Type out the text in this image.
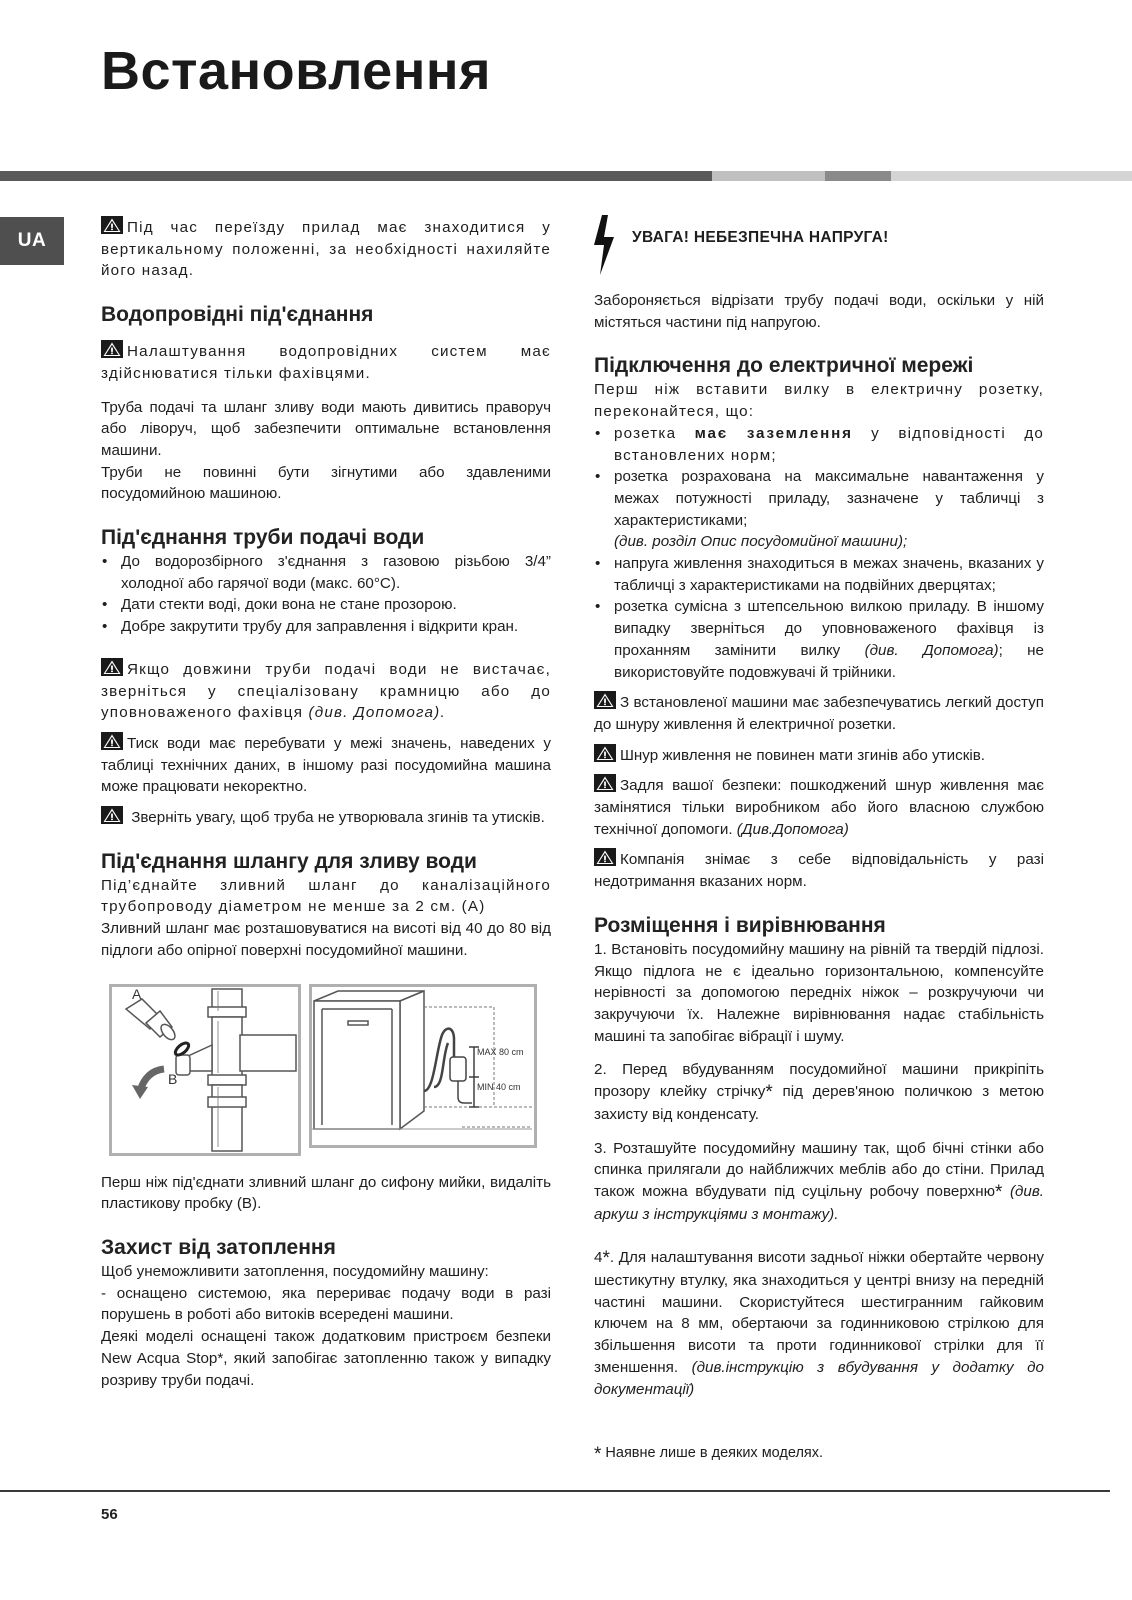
Встановлення
UA

Під час переїзду прилад має знаходитися у вертикальному положенні, за необхідності нахиляйте його назад.

Водопровідні під'єднання

Налаштування водопровідних систем має здійснюватися тільки фахівцями.

Труба подачі та шланг зливу води мають дивитись праворуч або ліворуч, щоб забезпечити оптимальне встановлення машини.

Труби не повинні бути зігнутими або здавленими посудомийною машиною.

Під'єднання труби подачі води
• До водорозбірного з'єднання з газовою різьбою 3/4” холодної або гарячої води (макс. 60°C).
• Дати стекти воді, доки вона не стане прозорою.
• Добре закрутити трубу для заправлення і відкрити кран.

Якщо довжини труби подачі води не вистачає, зверніться у спеціалізовану крамницю або до уповноваженого фахівця (див. Допомога).

Тиск води має перебувати у межі значень, наведених у таблиці технічних даних, в іншому разі посудомийна машина може працювати некоректно.

Зверніть увагу, щоб труба не утворювала згинів та утисків.

Під'єднання шлангу для зливу води

Під’єднайте зливний шланг до каналізаційного трубопроводу діаметром не менше за 2 см. (A)

Зливний шланг має розташовуватися на висоті від 40 до 80 від підлоги або опірної поверхні посудомийної машини.

A
B
MAX 80 cm
MIN 40 cm

Перш ніж під'єднати зливний шланг до сифону мийки, видаліть пластикову пробку (B).

Захист від затоплення

Щоб унеможливити затоплення, посудомийну машину:

- оснащено системою, яка перериває подачу води в разі порушень в роботі або витоків всередені машини.

Деякі моделі оснащені також додатковим пристроєм безпеки New Acqua Stop*, який запобігає затопленню також у випадку розриву труби подачі.

УВАГА! НЕБЕЗПЕЧНА НАПРУГА!

Забороняється відрізати трубу подачі води, оскільки у ній містяться частини під напругою.

Підключення до електричної мережі

Перш ніж вставити вилку в електричну розетку, переконайтеся, що:

• розетка має заземлення у відповідності до встановлених норм;
• розетка розрахована на максимальне навантаження у межах потужності приладу, зазначене у табличці з характеристиками;
(див. розділ Опис посудомийної машини);
• напруга живлення знаходиться в межах значень, вказаних у табличці з характеристиками на подвійних дверцятах;
• розетка сумісна з штепсельною вилкою приладу. В іншому випадку зверніться до уповноваженого фахівця із проханням замінити вилку (див. Допомога); не використовуйте подовжувачі й трійники.

З встановленої машини має забезпечуватись легкий доступ до шнуру живлення й електричної розетки.

Шнур живлення не повинен мати згинів або утисків.

Задля вашої безпеки: пошкоджений шнур живлення має замінятися тільки виробником або його власною службою технічної допомоги. (Див.Допомога)

Компанія знімає з себе відповідальність у разі недотримання вказаних норм.

Розміщення і вирівнювання

1. Встановіть посудомийну машину на рівній та твердій підлозі. Якщо підлога не є ідеально горизонтальною, компенсуйте нерівності за допомогою передніх ніжок – розкручуючи чи закручуючи їх. Належне вирівнювання надає стабільність машині та запобігає вібрації і шуму.

2. Перед вбудуванням посудомийної машини прикріпіть прозору клейку стрічку* під дерев'яною поличкою з метою захисту від конденсату.

3. Розташуйте посудомийну машину так, щоб бічні стінки або спинка прилягали до найближчих меблів або до стіни. Прилад також можна вбудувати під суцільну робочу поверхню* (див. аркуш з інструкціями з монтажу).

4*. Для налаштування висоти задньої ніжки обертайте червону шестикутну втулку, яка знаходиться у центрі внизу на передній частині машини. Скористуйтеся шестигранним гайковим ключем на 8 мм, обертаючи за годинниковою стрілкою для збільшення висоти та проти годинникової стрілки для її зменшення. (див.інструкцію з вбудування у додатку до документації)

* Наявне лише в деяких моделях.
56
